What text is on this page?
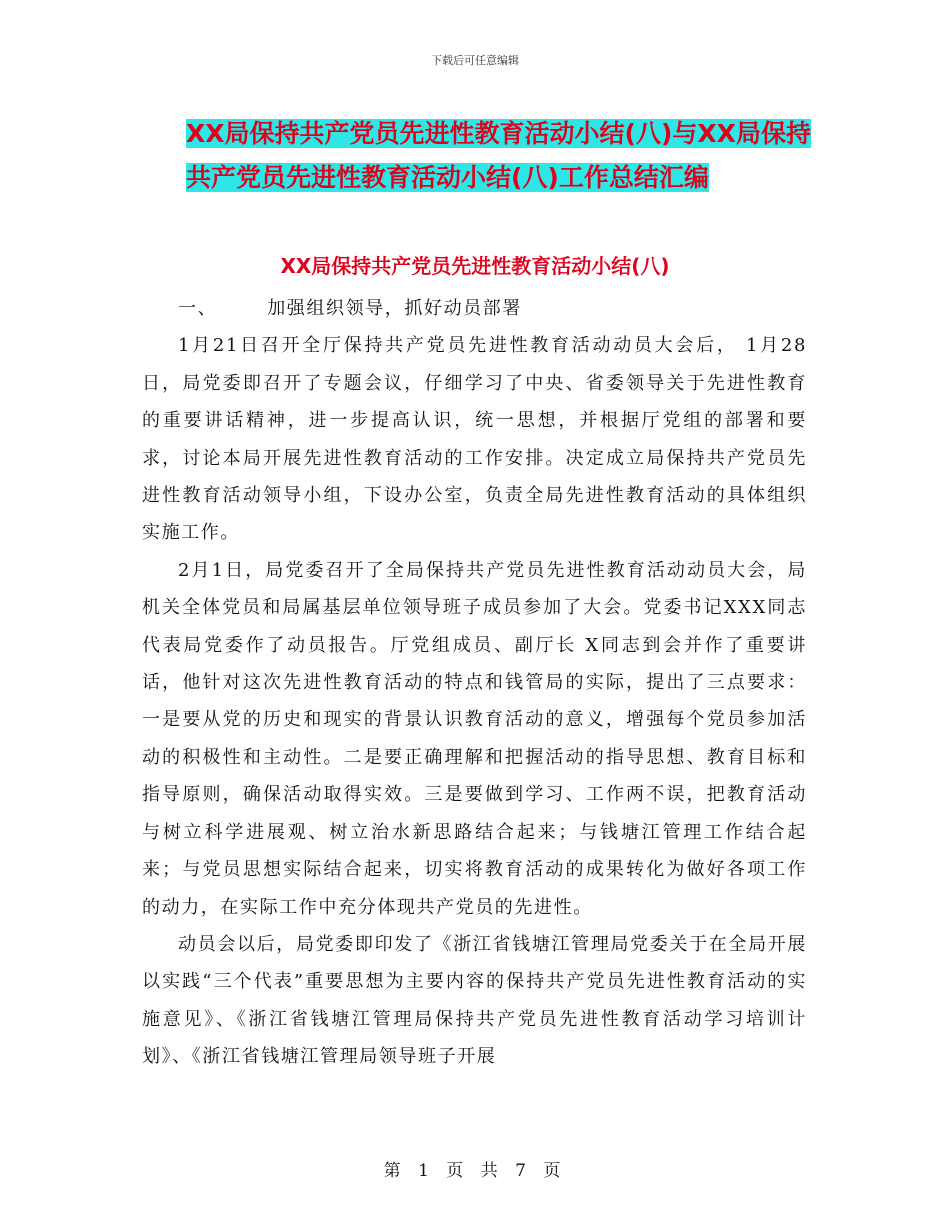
下载后可任意编辑
XX局保持共产党员先进性教育活动小结(八)与XX局保持共产党员先进性教育活动小结(八)工作总结汇编
XX局保持共产党员先进性教育活动小结(八)

一、	加强组织领导，抓好动员部署

1月21日召开全厅保持共产党员先进性教育活动动员大会后， 1月28日，局党委即召开了专题会议，仔细学习了中央、省委领导关于先进性教育的重要讲话精神，进一步提高认识，统一思想，并根据厅党组的部署和要求，讨论本局开展先进性教育活动的工作安排。决定成立局保持共产党员先进性教育活动领导小组，下设办公室，负责全局先进性教育活动的具体组织实施工作。

2月1日，局党委召开了全局保持共产党员先进性教育活动动员大会，局机关全体党员和局属基层单位领导班子成员参加了大会。党委书记XXX同志代表局党委作了动员报告。厅党组成员、副厅长 X同志到会并作了重要讲话，他针对这次先进性教育活动的特点和钱管局的实际，提出了三点要求：一是要从党的历史和现实的背景认识教育活动的意义，增强每个党员参加活动的积极性和主动性。二是要正确理解和把握活动的指导思想、教育目标和指导原则，确保活动取得实效。三是要做到学习、工作两不误，把教育活动与树立科学进展观、树立治水新思路结合起来；与钱塘江管理工作结合起来；与党员思想实际结合起来，切实将教育活动的成果转化为做好各项工作的动力，在实际工作中充分体现共产党员的先进性。

动员会以后，局党委即印发了《浙江省钱塘江管理局党委关于在全局开展以实践“三个代表”重要思想为主要内容的保持共产党员先进性教育活动的实施意见》、《浙江省钱塘江管理局保持共产党员先进性教育活动学习培训计划》、《浙江省钱塘江管理局领导班子开展

第 1 页 共 7 页
